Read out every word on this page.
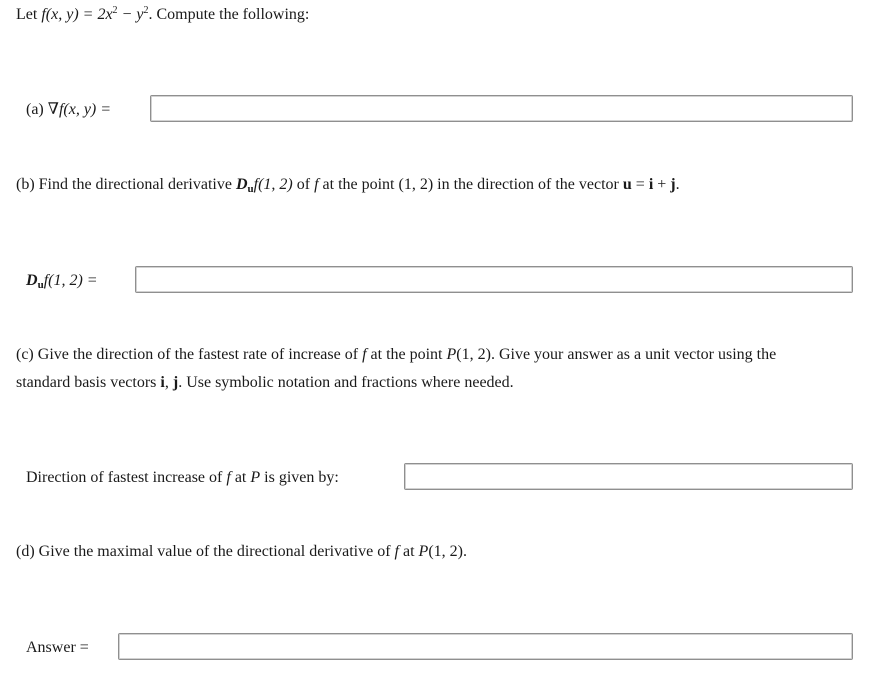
Let f(x, $y) = 2x^2 - y^2$. Compute the following:
(a) ∇f(x, y) =
(b) Find the directional derivative $D_uf(1$, 2) of f at the point (1, 2) in the direction of the vector u = i + j.
$D_uf(1$, 2) =
(c) Give the direction of the fastest rate of increase of f at the point P(1, 2). Give your answer as a unit vector using the
standard basis vectors i, j. Use symbolic notation and fractions where needed.
Direction of fastest increase of f at P is given by:
(d) Give the maximal value of the directional derivative of f at P(1, 2).
Answer =
